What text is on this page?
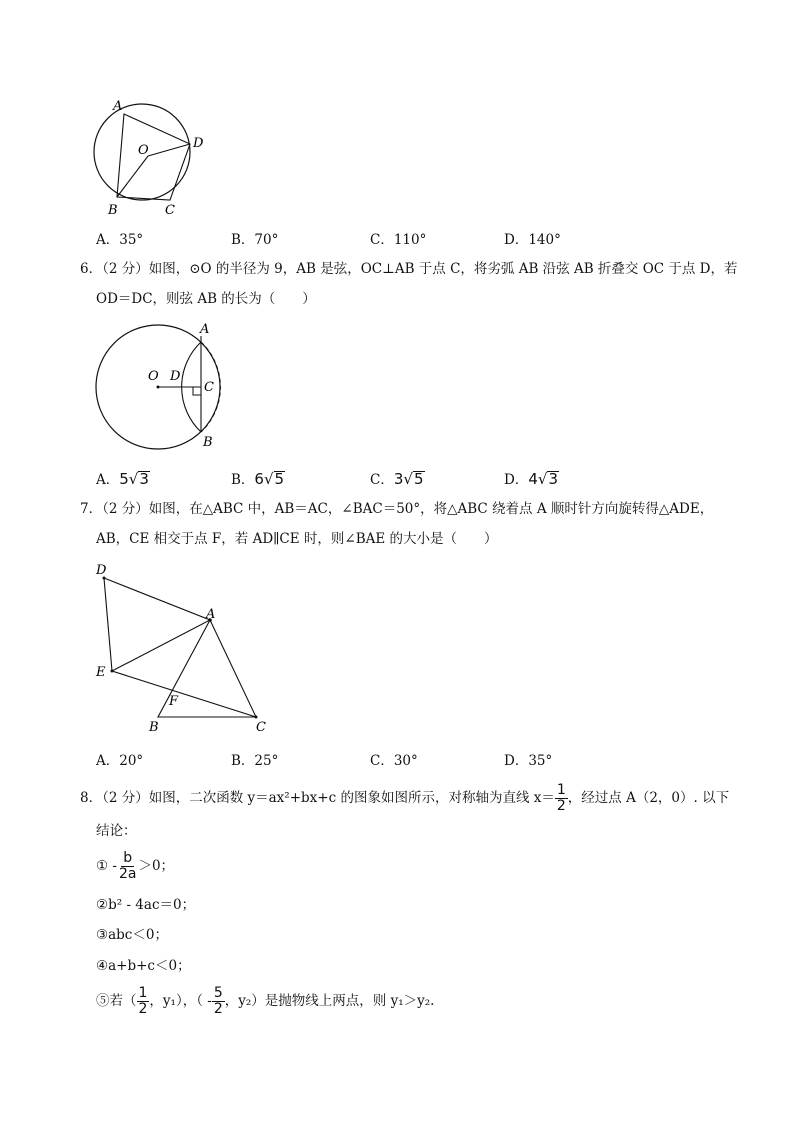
A
O	D
B	C
A．35°	B．70°	C．110°	D．140°
6．（2 分）如图，⊙O 的半径为 9，AB 是弦，OC⊥AB 于点 C，将劣弧 AB 沿弦 AB 折叠交 OC 于点 D，若
OD＝DC，则弦 AB 的长为（　　）
O D
C
A
B
A．5√3	B．6√5	C．3√5	D．4√3
7．（2 分）如图，在△ABC 中，AB＝AC，∠BAC＝50°，将△ABC 绕着点 A 顺时针方向旋转得△ADE，
AB，CE 相交于点 F，若 AD∥CE 时，则∠BAE 的大小是（　　）
D
A
E
F
B	C
A．20°	B．25°	C．30°	D．35°
8．（2 分）如图，二次函数 y＝ax²+bx+c 的图象如图所示，对称轴为直线 $x= \frac{1}{2}$ ，经过点 A（2，0）. 以下
结论：
① - $\frac{b}{2a} >0$；
②b² - 4ac＝0；
③abc＜0；
④a+b+c＜0；
⑤若（ $\frac{1}{2}$ ，y₁），（ - $\frac{5}{2}$ ，y₂）是抛物线上两点，则 y₁＞y₂.
